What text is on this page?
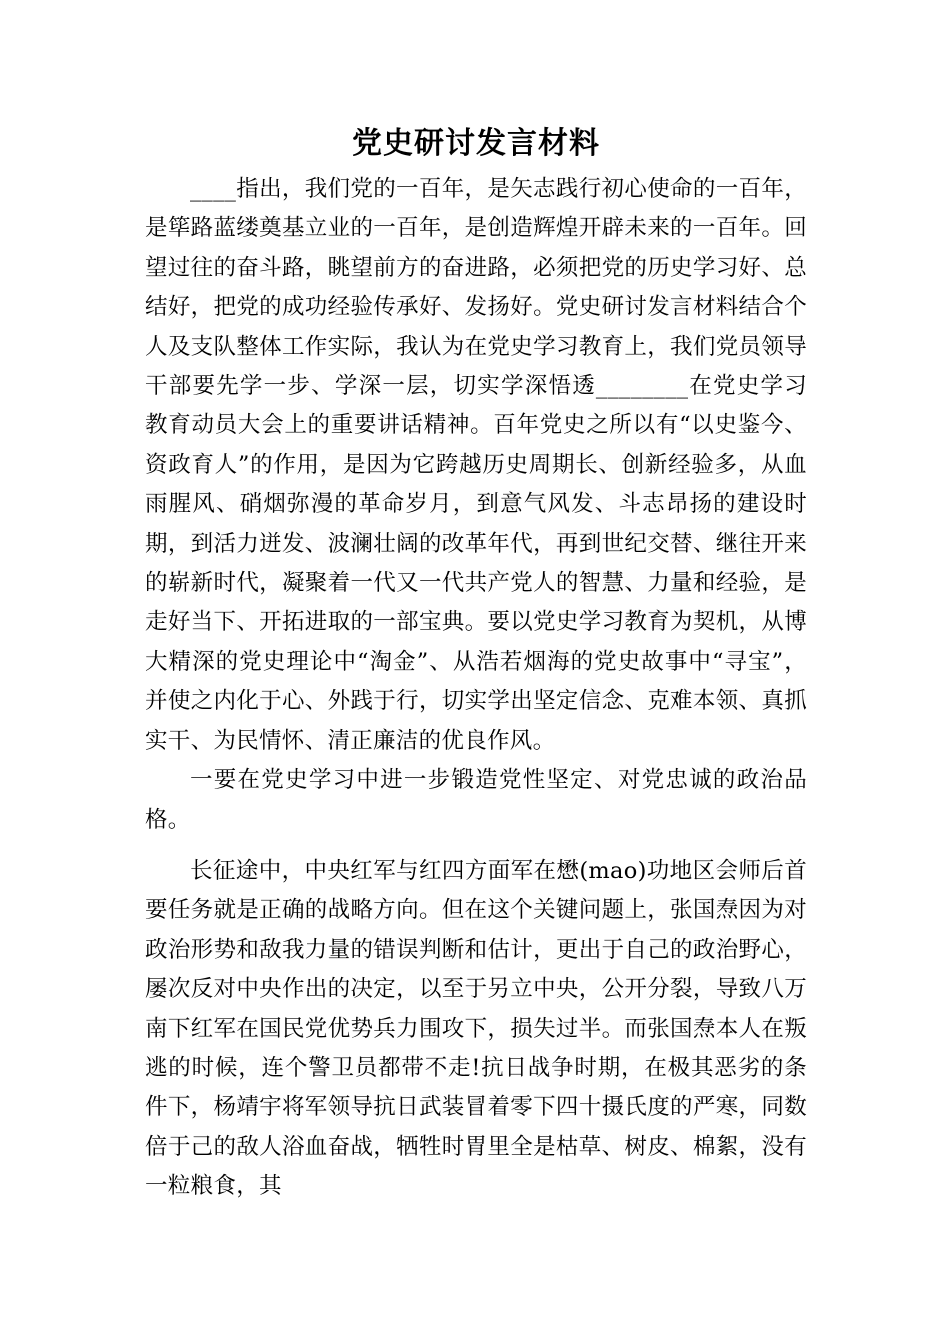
党史研讨发言材料

____指出，我们党的一百年，是矢志践行初心使命的一百年，是筚路蓝缕奠基立业的一百年，是创造辉煌开辟未来的一百年。回望过往的奋斗路，眺望前方的奋进路，必须把党的历史学习好、总结好，把党的成功经验传承好、发扬好。党史研讨发言材料结合个人及支队整体工作实际，我认为在党史学习教育上，我们党员领导干部要先学一步、学深一层，切实学深悟透________在党史学习教育动员大会上的重要讲话精神。百年党史之所以有“以史鉴今、资政育人”的作用，是因为它跨越历史周期长、创新经验多，从血雨腥风、硝烟弥漫的革命岁月，到意气风发、斗志昂扬的建设时期，到活力迸发、波澜壮阔的改革年代，再到世纪交替、继往开来的崭新时代，凝聚着一代又一代共产党人的智慧、力量和经验，是走好当下、开拓进取的一部宝典。要以党史学习教育为契机，从博大精深的党史理论中“淘金”、从浩若烟海的党史故事中“寻宝”，并使之内化于心、外践于行，切实学出坚定信念、克难本领、真抓实干、为民情怀、清正廉洁的优良作风。

一要在党史学习中进一步锻造党性坚定、对党忠诚的政治品格。

长征途中，中央红军与红四方面军在懋(mao)功地区会师后首要任务就是正确的战略方向。但在这个关键问题上，张国焘因为对政治形势和敌我力量的错误判断和估计，更出于自己的政治野心，屡次反对中央作出的决定，以至于另立中央，公开分裂，导致八万南下红军在国民党优势兵力围攻下，损失过半。而张国焘本人在叛逃的时候，连个警卫员都带不走!抗日战争时期，在极其恶劣的条件下，杨靖宇将军领导抗日武装冒着零下四十摄氏度的严寒，同数倍于己的敌人浴血奋战，牺牲时胃里全是枯草、树皮、棉絮，没有一粒粮食，其
